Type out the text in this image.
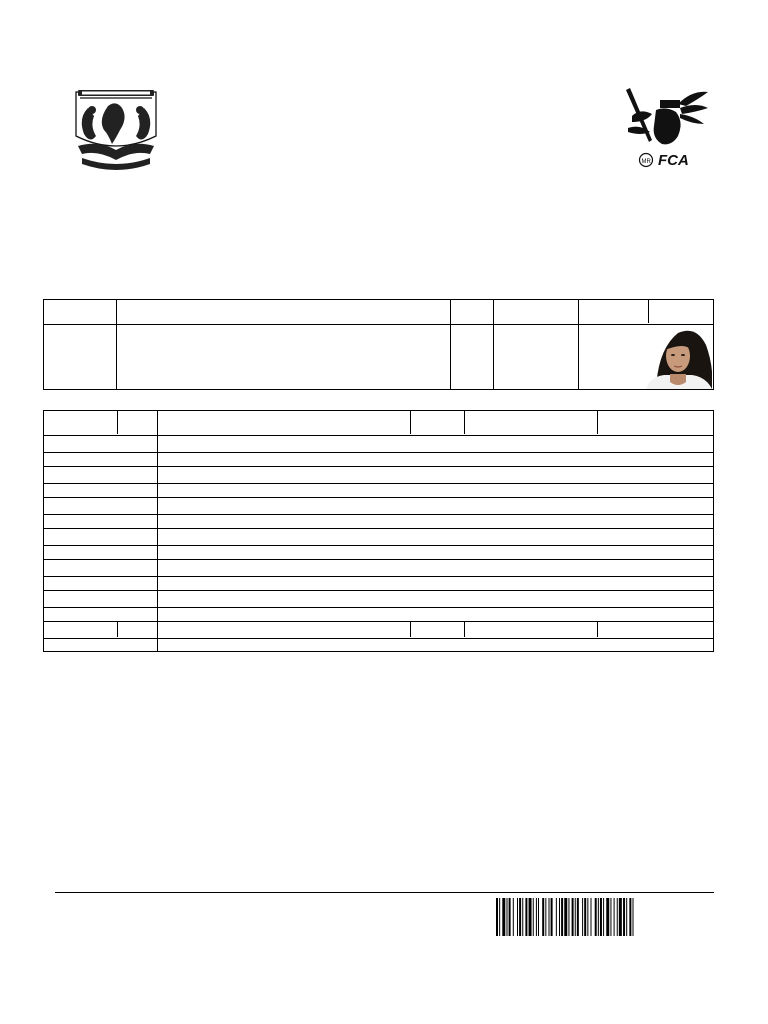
MR FCA
